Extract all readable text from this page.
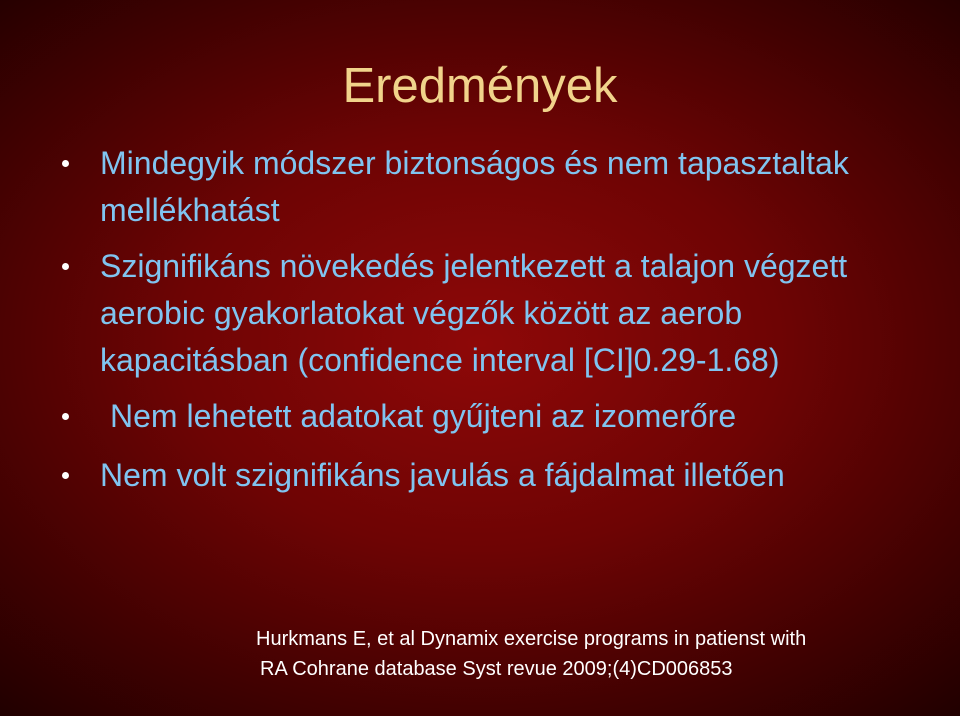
Eredmények
Mindegyik módszer biztonságos és nem tapasztaltak mellékhatást
Szignifikáns növekedés jelentkezett a talajon végzett aerobic gyakorlatokat végzők között az aerob kapacitásban (confidence interval [CI]0.29-1.68)
Nem lehetett adatokat gyűjteni az izomerőre
Nem volt szignifikáns javulás a fájdalmat illetően
Hurkmans E, et al Dynamix exercise programs in patienst with
RA Cohrane database Syst revue 2009;(4)CD006853
